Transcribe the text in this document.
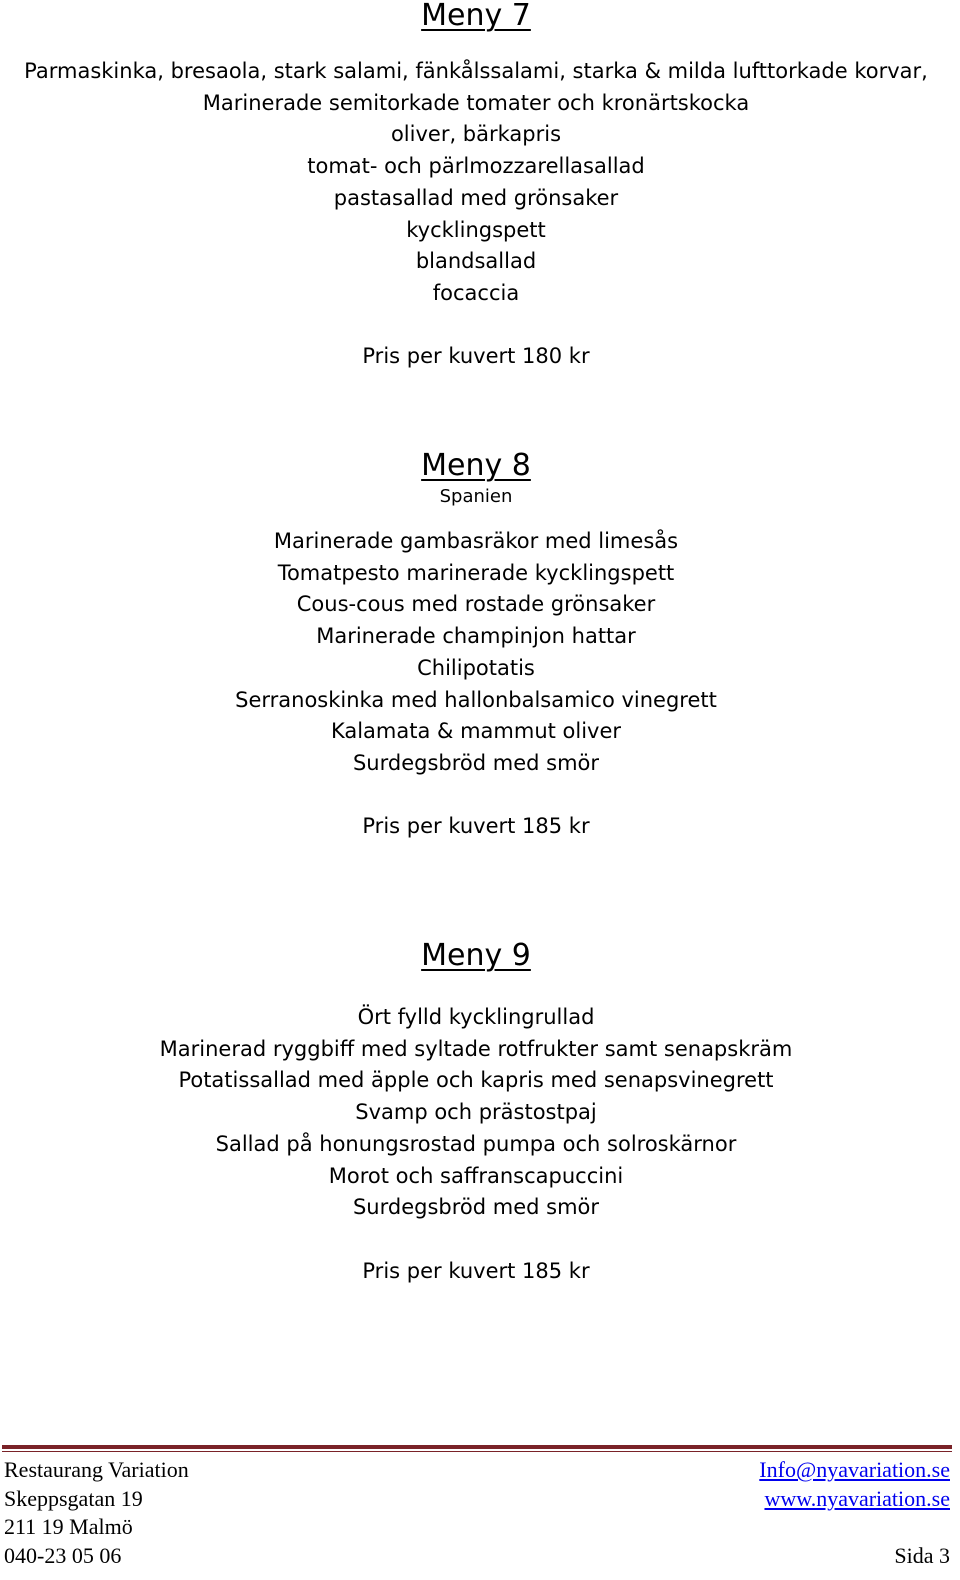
Meny 7
Parmaskinka, bresaola, stark salami, fänkålssalami, starka & milda lufttorkade korvar,
Marinerade semitorkade tomater och kronärtskocka
oliver, bärkapris
tomat- och pärlmozzarellasallad
pastasallad med grönsaker
kycklingspett
blandsallad
focaccia
Pris per kuvert 180 kr
Meny 8
Spanien
Marinerade gambasräkor med limesås
Tomatpesto marinerade kycklingspett
Cous-cous med rostade grönsaker
Marinerade champinjon hattar
Chilipotatis
Serranoskinka med hallonbalsamico vinegrett
Kalamata & mammut oliver
Surdegsbröd med smör
Pris per kuvert 185 kr
Meny 9
Ört fylld kycklingrullad
Marinerad ryggbiff med syltade rotfrukter samt senapskräm
Potatissallad med äpple och kapris med senapsvinegrett
Svamp och prästostpaj
Sallad på honungsrostad pumpa och solroskärnor
Morot och saffranscapuccini
Surdegsbröd med smör
Pris per kuvert 185 kr
Restaurang Variation
Skeppsgatan 19
211 19 Malmö
040-23 05 06
Info@nyavariation.se
www.nyavariation.se

Sida 3
